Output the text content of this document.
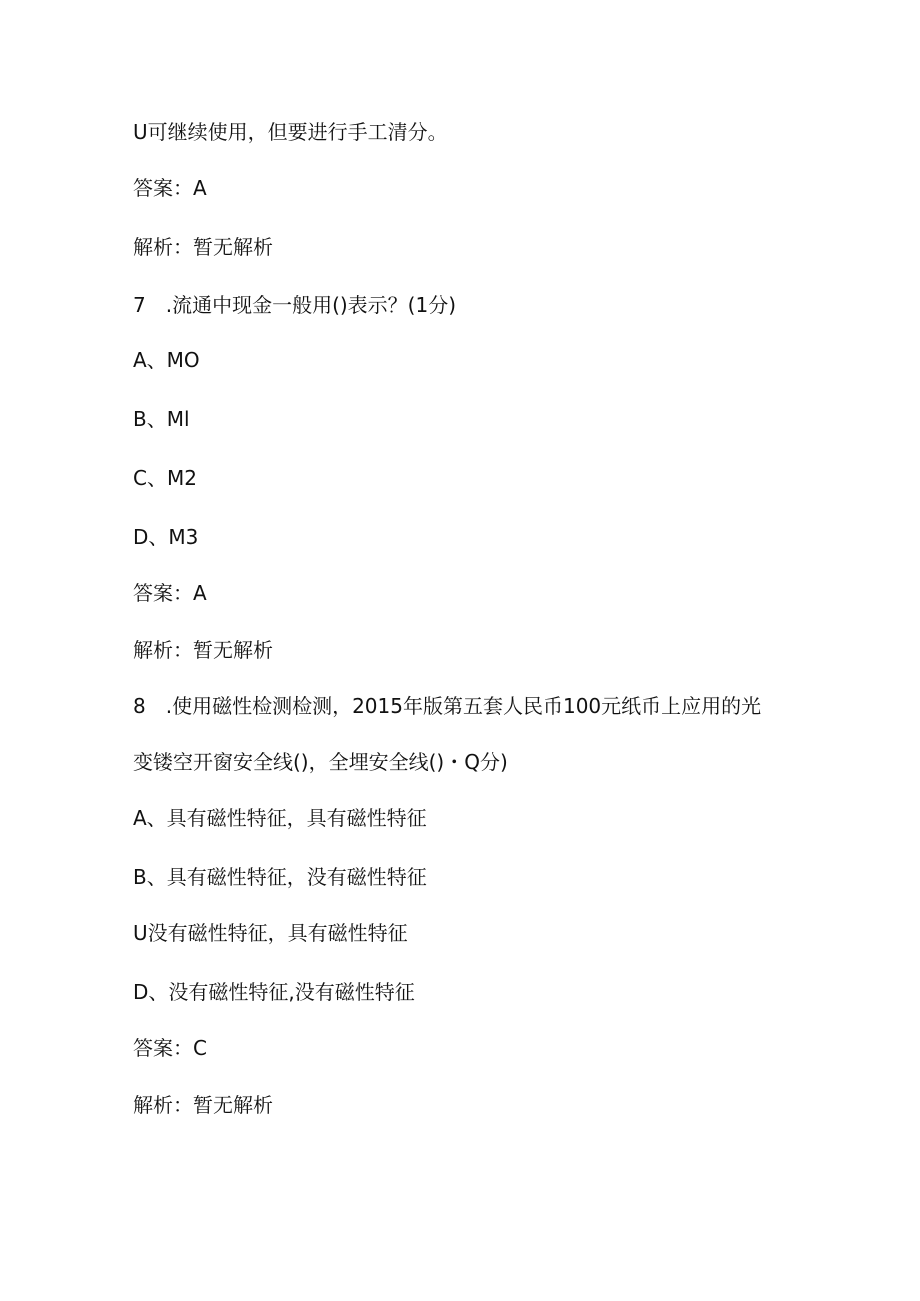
U可继续使用，但要进行手工清分。
答案：A
解析：暂无解析
7　.流通中现金一般用()表示？(1分)
A、MO
B、Ml
C、M2
D、M3
答案：A
解析：暂无解析
8　.使用磁性检测检测，2015年版第五套人民币100元纸币上应用的光
变镂空开窗安全线()，全埋安全线()・Q分)
A、具有磁性特征，具有磁性特征
B、具有磁性特征，没有磁性特征
U没有磁性特征，具有磁性特征
D、没有磁性特征,没有磁性特征
答案：C
解析：暂无解析
